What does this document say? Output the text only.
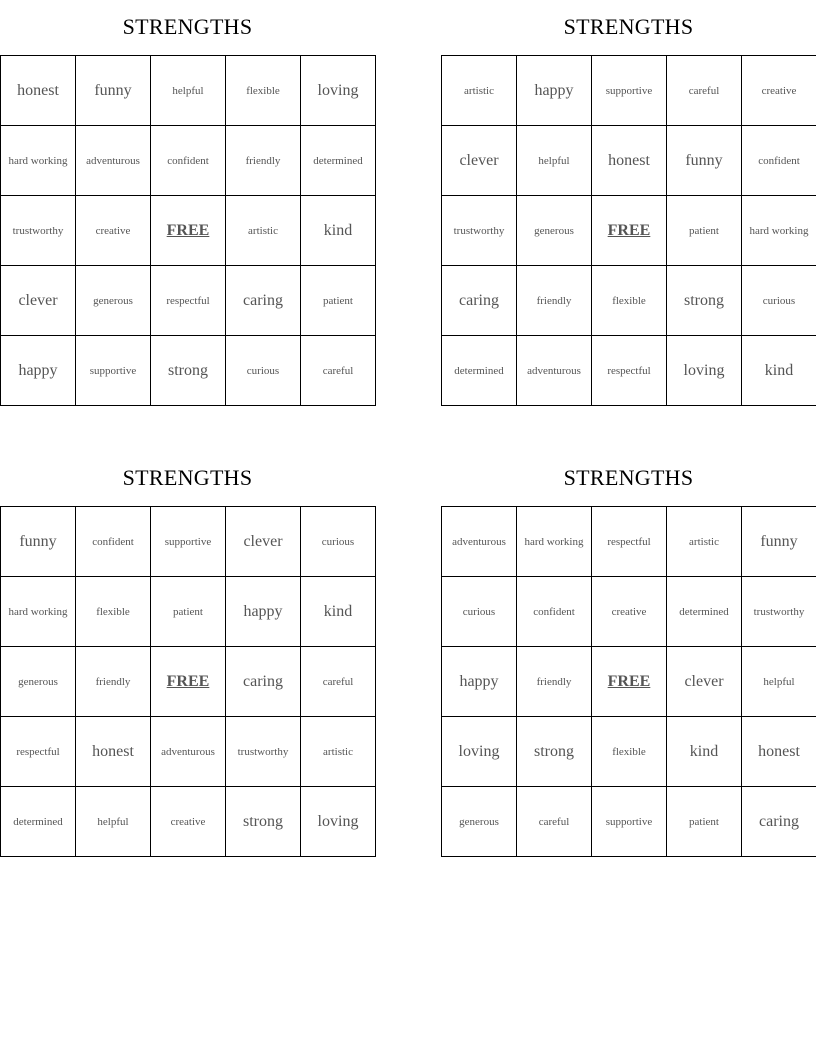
STRENGTHS
honest	funny	helpful	flexible	loving
hard working	adventurous	confident	friendly	determined
trustworthy	creative	FREE	artistic	kind
clever	generous	respectful	caring	patient
happy	supportive	strong	curious	careful
STRENGTHS
artistic	happy	supportive	careful	creative
clever	helpful	honest	funny	confident
trustworthy	generous	FREE	patient	hard working
caring	friendly	flexible	strong	curious
determined	adventurous	respectful	loving	kind
STRENGTHS
funny	confident	supportive	clever	curious
hard working	flexible	patient	happy	kind
generous	friendly	FREE	caring	careful
respectful	honest	adventurous	trustworthy	artistic
determined	helpful	creative	strong	loving
STRENGTHS
adventurous	hard working	respectful	artistic	funny
curious	confident	creative	determined	trustworthy
happy	friendly	FREE	clever	helpful
loving	strong	flexible	kind	honest
generous	careful	supportive	patient	caring
